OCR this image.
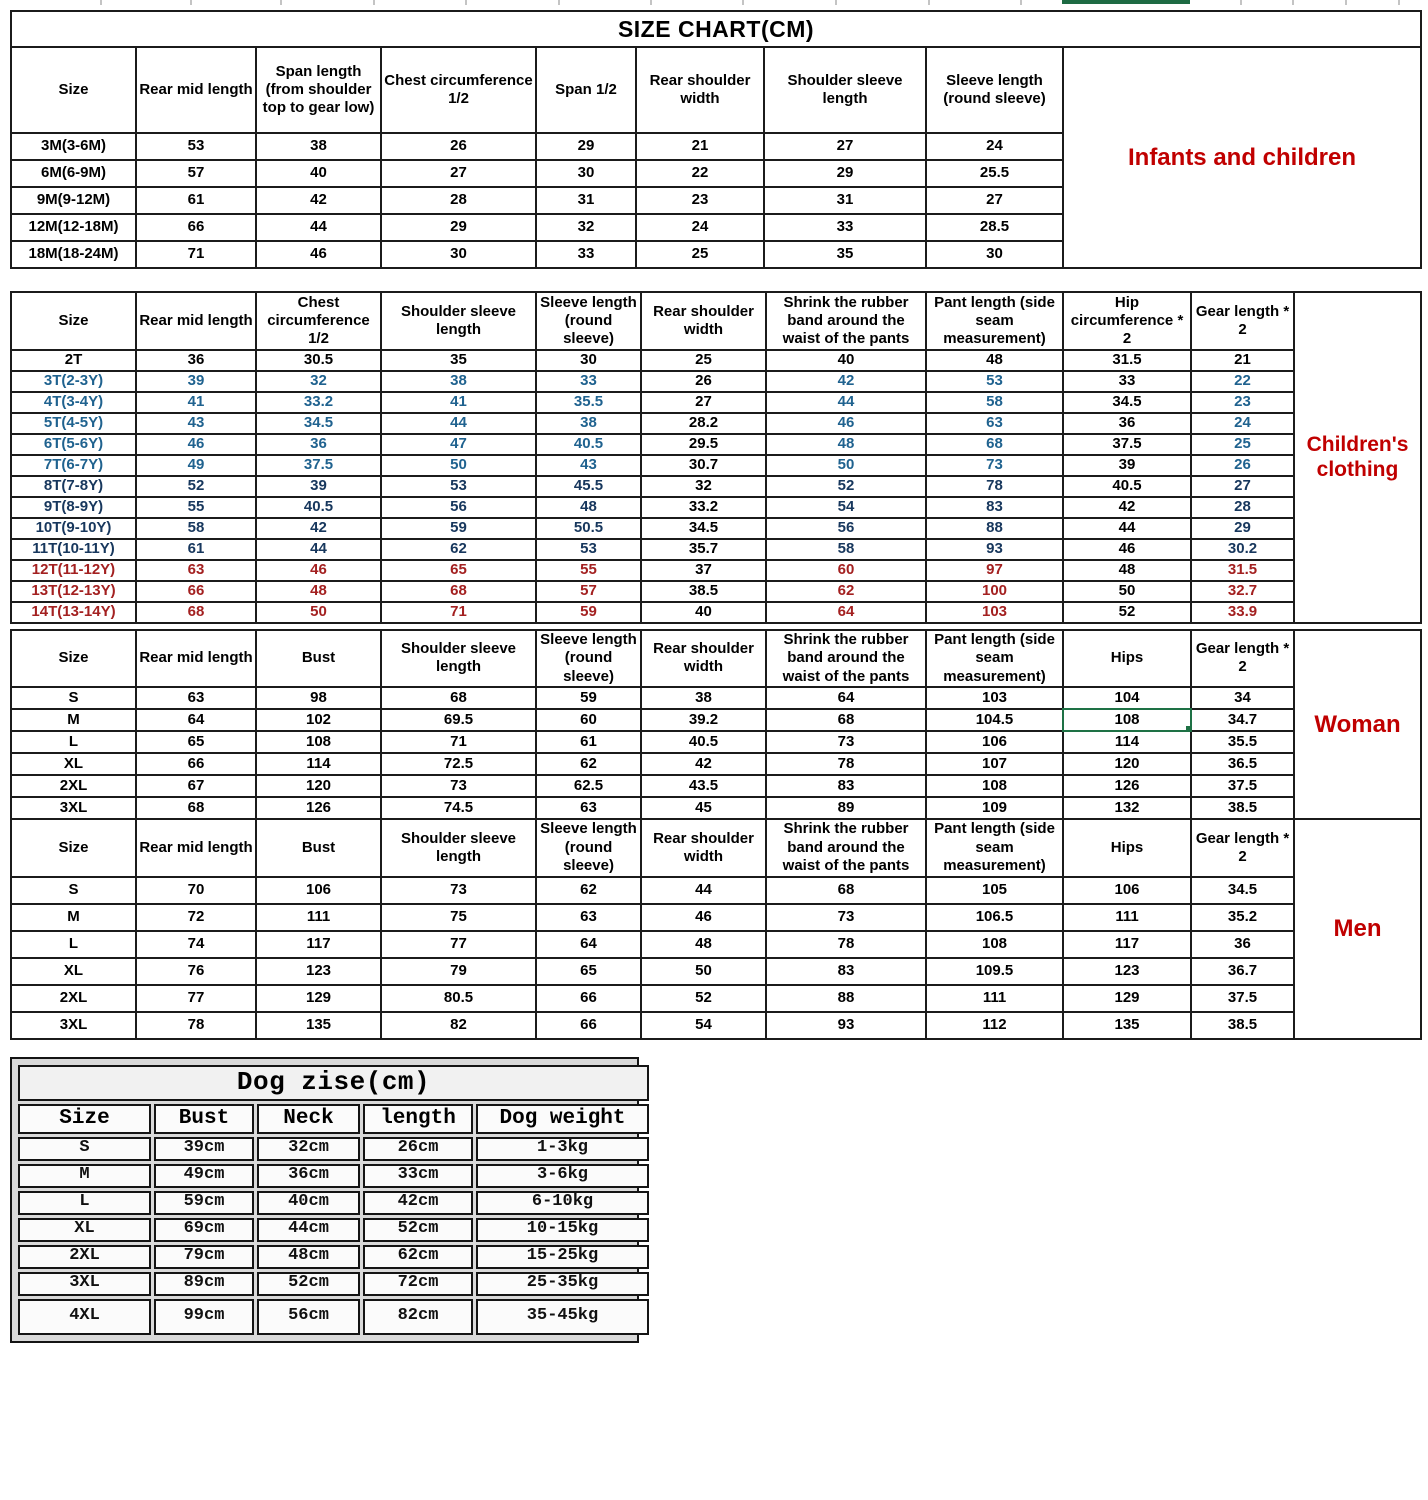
SIZE CHART(CM)								
Size	Rear mid length	Span length (from shoulder top to gear low)	Chest circumference 1/2	Span 1/2	Rear shoulder width	Shoulder sleeve length	Sleeve length (round sleeve)	Infants and children

3M(3-6M)	53	38	26	29	21	27	24	
6M(6-9M)	57	40	27	30	22	29	25.5	
9M(9-12M)	61	42	28	31	23	31	27	
12M(12-18M)	66	44	29	32	24	33	28.5	
18M(18-24M)	71	46	30	33	25	35	30	
Size	Rear mid length	Chest circumference 1/2	Shoulder sleeve length	Sleeve length (round sleeve)	Rear shoulder width	Shrink the rubber band around the waist of the pants	Pant length (side seam measurement)	Hip circumference * 2	Gear length * 2	Children's
clothing

2T	36	30.5	35	30	25	40	48	31.5	21	
3T(2-3Y)	39	32	38	33	26	42	53	33	22	
4T(3-4Y)	41	33.2	41	35.5	27	44	58	34.5	23	
5T(4-5Y)	43	34.5	44	38	28.2	46	63	36	24	
6T(5-6Y)	46	36	47	40.5	29.5	48	68	37.5	25	
7T(6-7Y)	49	37.5	50	43	30.7	50	73	39	26	
8T(7-8Y)	52	39	53	45.5	32	52	78	40.5	27	
9T(8-9Y)	55	40.5	56	48	33.2	54	83	42	28	
10T(9-10Y)	58	42	59	50.5	34.5	56	88	44	29	
11T(10-11Y)	61	44	62	53	35.7	58	93	46	30.2	
12T(11-12Y)	63	46	65	55	37	60	97	48	31.5	
13T(12-13Y)	66	48	68	57	38.5	62	100	50	32.7	
14T(13-14Y)	68	50	71	59	40	64	103	52	33.9	
Size	Rear mid length	Bust	Shoulder sleeve length	Sleeve length (round sleeve)	Rear shoulder width	Shrink the rubber band around the waist of the pants	Pant length (side seam measurement)	Hips	Gear length * 2	Woman

S	63	98	68	59	38	64	103	104	34	
M	64	102	69.5	60	39.2	68	104.5	108	34.7	
L	65	108	71	61	40.5	73	106	114	35.5	
XL	66	114	72.5	62	42	78	107	120	36.5	
2XL	67	120	73	62.5	43.5	83	108	126	37.5	
3XL	68	126	74.5	63	45	89	109	132	38.5	
Size	Rear mid length	Bust	Shoulder sleeve length	Sleeve length (round sleeve)	Rear shoulder width	Shrink the rubber band around the waist of the pants	Pant length (side seam measurement)	Hips	Gear length * 2	Men

S	70	106	73	62	44	68	105	106	34.5	
M	72	111	75	63	46	73	106.5	111	35.2	
L	74	117	77	64	48	78	108	117	36	
XL	76	123	79	65	50	83	109.5	123	36.7	
2XL	77	129	80.5	66	52	88	111	129	37.5	
3XL	78	135	82	66	54	93	112	135	38.5	
Dog zise(cm)				
Size	Bust	Neck	length	Dog weight
S	39cm	32cm	26cm	1-3kg
M	49cm	36cm	33cm	3-6kg
L	59cm	40cm	42cm	6-10kg
XL	69cm	44cm	52cm	10-15kg
2XL	79cm	48cm	62cm	15-25kg
3XL	89cm	52cm	72cm	25-35kg
4XL	99cm	56cm	82cm	35-45kg
